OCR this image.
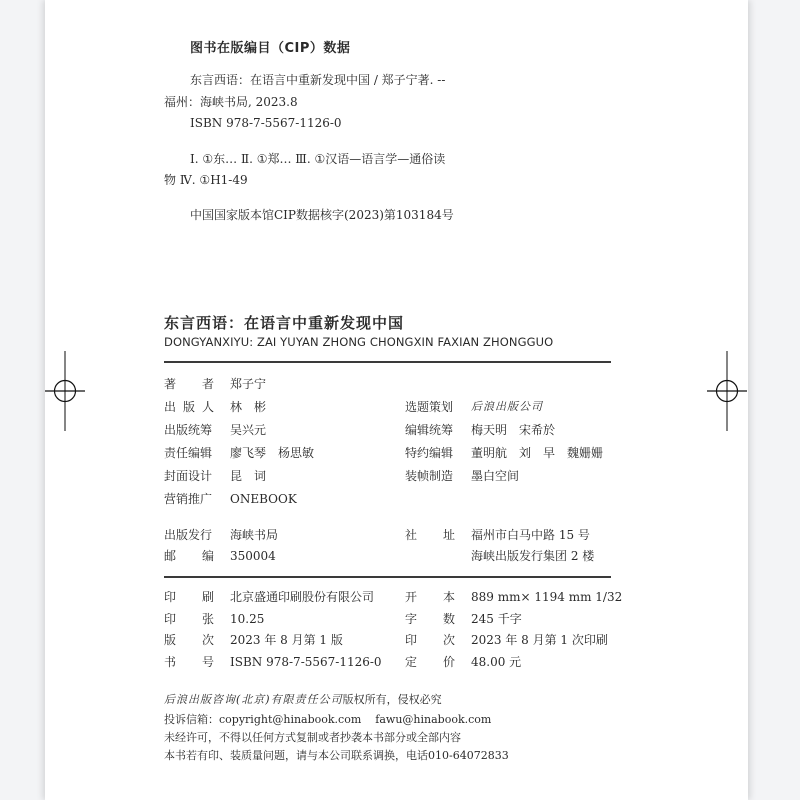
图书在版编目（CIP）数据
东言西语：在语言中重新发现中国 / 郑子宁著. --
福州：海峡书局, 2023.8
ISBN 978-7-5567-1126-0
Ⅰ. ①东… Ⅱ. ①郑… Ⅲ. ①汉语—语言学—通俗读
物 Ⅳ. ①H1-49
中国国家版本馆CIP数据核字(2023)第103184号
东言西语：在语言中重新发现中国
DONGYANXIYU: ZAI YUYAN ZHONG CHONGXIN FAXIAN ZHONGGUO
著 者 郑子宁
出 版 人 林　彬
出版统筹 吴兴元
责任编辑 廖飞琴　杨思敏
封面设计 昆　词
营销推广 ONEBOOK
选题策划 后浪出版公司
编辑统筹 梅天明　宋希於
特约编辑 董明航　刘　早　魏姗姗
装帧制造 墨白空间
出版发行 海峡书局
邮 编 350004
社 址 福州市白马中路 15 号
海峡出版发行集团 2 楼
印 刷 北京盛通印刷股份有限公司
印 张 10.25
版 次 2023 年 8 月第 1 版
书 号 ISBN 978-7-5567-1126-0
开 本 889 mm× 1194 mm 1/32
字 数 245 千字
印 次 2023 年 8 月第 1 次印刷
定 价 48.00 元
后浪出版咨询(北京)有限责任公司版权所有，侵权必究
投诉信箱：copyright@hinabook.com fawu@hinabook.com
未经许可，不得以任何方式复制或者抄袭本书部分或全部内容
本书若有印、装质量问题，请与本公司联系调换，电话010-64072833
